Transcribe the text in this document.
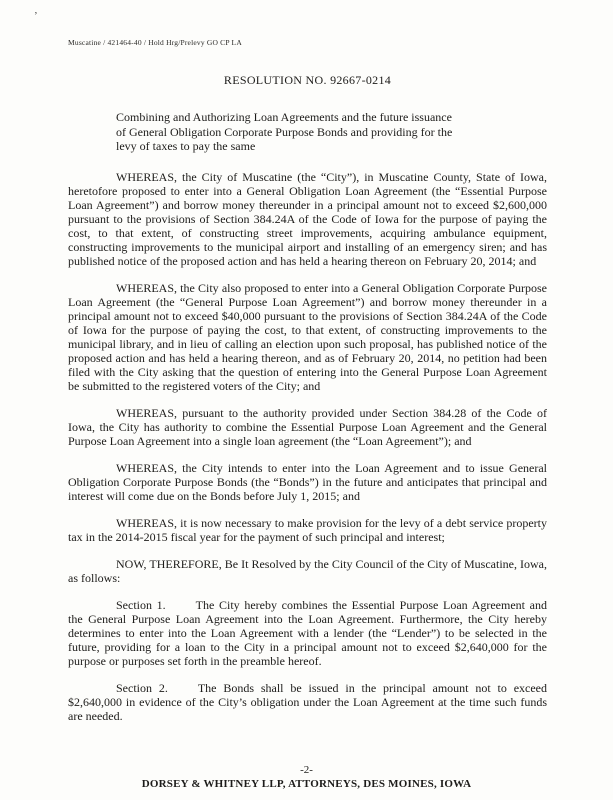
’
Muscatine / 421464-40 / Hold Hrg/Prelevy GO CP LA
RESOLUTION NO. 92667-0214
Combining and Authorizing Loan Agreements and the future issuance of General Obligation Corporate Purpose Bonds and providing for the levy of taxes to pay the same

WHEREAS, the City of Muscatine (the “City”), in Muscatine County, State of Iowa, heretofore proposed to enter into a General Obligation Loan Agreement (the “Essential Purpose Loan Agreement”) and borrow money thereunder in a principal amount not to exceed $2,600,000 pursuant to the provisions of Section 384.24A of the Code of Iowa for the purpose of paying the cost, to that extent, of constructing street improvements, acquiring ambulance equipment, constructing improvements to the municipal airport and installing of an emergency siren; and has published notice of the proposed action and has held a hearing thereon on February 20, 2014; and

WHEREAS, the City also proposed to enter into a General Obligation Corporate Purpose Loan Agreement (the “General Purpose Loan Agreement”) and borrow money thereunder in a principal amount not to exceed $40,000 pursuant to the provisions of Section 384.24A of the Code of Iowa for the purpose of paying the cost, to that extent, of constructing improvements to the municipal library, and in lieu of calling an election upon such proposal, has published notice of the proposed action and has held a hearing thereon, and as of February 20, 2014, no petition had been filed with the City asking that the question of entering into the General Purpose Loan Agreement be submitted to the registered voters of the City; and

WHEREAS, pursuant to the authority provided under Section 384.28 of the Code of Iowa, the City has authority to combine the Essential Purpose Loan Agreement and the General Purpose Loan Agreement into a single loan agreement (the “Loan Agreement”); and

WHEREAS, the City intends to enter into the Loan Agreement and to issue General Obligation Corporate Purpose Bonds (the “Bonds”) in the future and anticipates that principal and interest will come due on the Bonds before July 1, 2015; and

WHEREAS, it is now necessary to make provision for the levy of a debt service property tax in the 2014-2015 fiscal year for the payment of such principal and interest;

NOW, THEREFORE, Be It Resolved by the City Council of the City of Muscatine, Iowa, as follows:

Section 1.	The City hereby combines the Essential Purpose Loan Agreement and the General Purpose Loan Agreement into the Loan Agreement. Furthermore, the City hereby determines to enter into the Loan Agreement with a lender (the “Lender”) to be selected in the future, providing for a loan to the City in a principal amount not to exceed $2,640,000 for the purpose or purposes set forth in the preamble hereof.

Section 2.	The Bonds shall be issued in the principal amount not to exceed $2,640,000 in evidence of the City’s obligation under the Loan Agreement at the time such funds are needed.

-2-
DORSEY & WHITNEY LLP, ATTORNEYS, DES MOINES, IOWA
